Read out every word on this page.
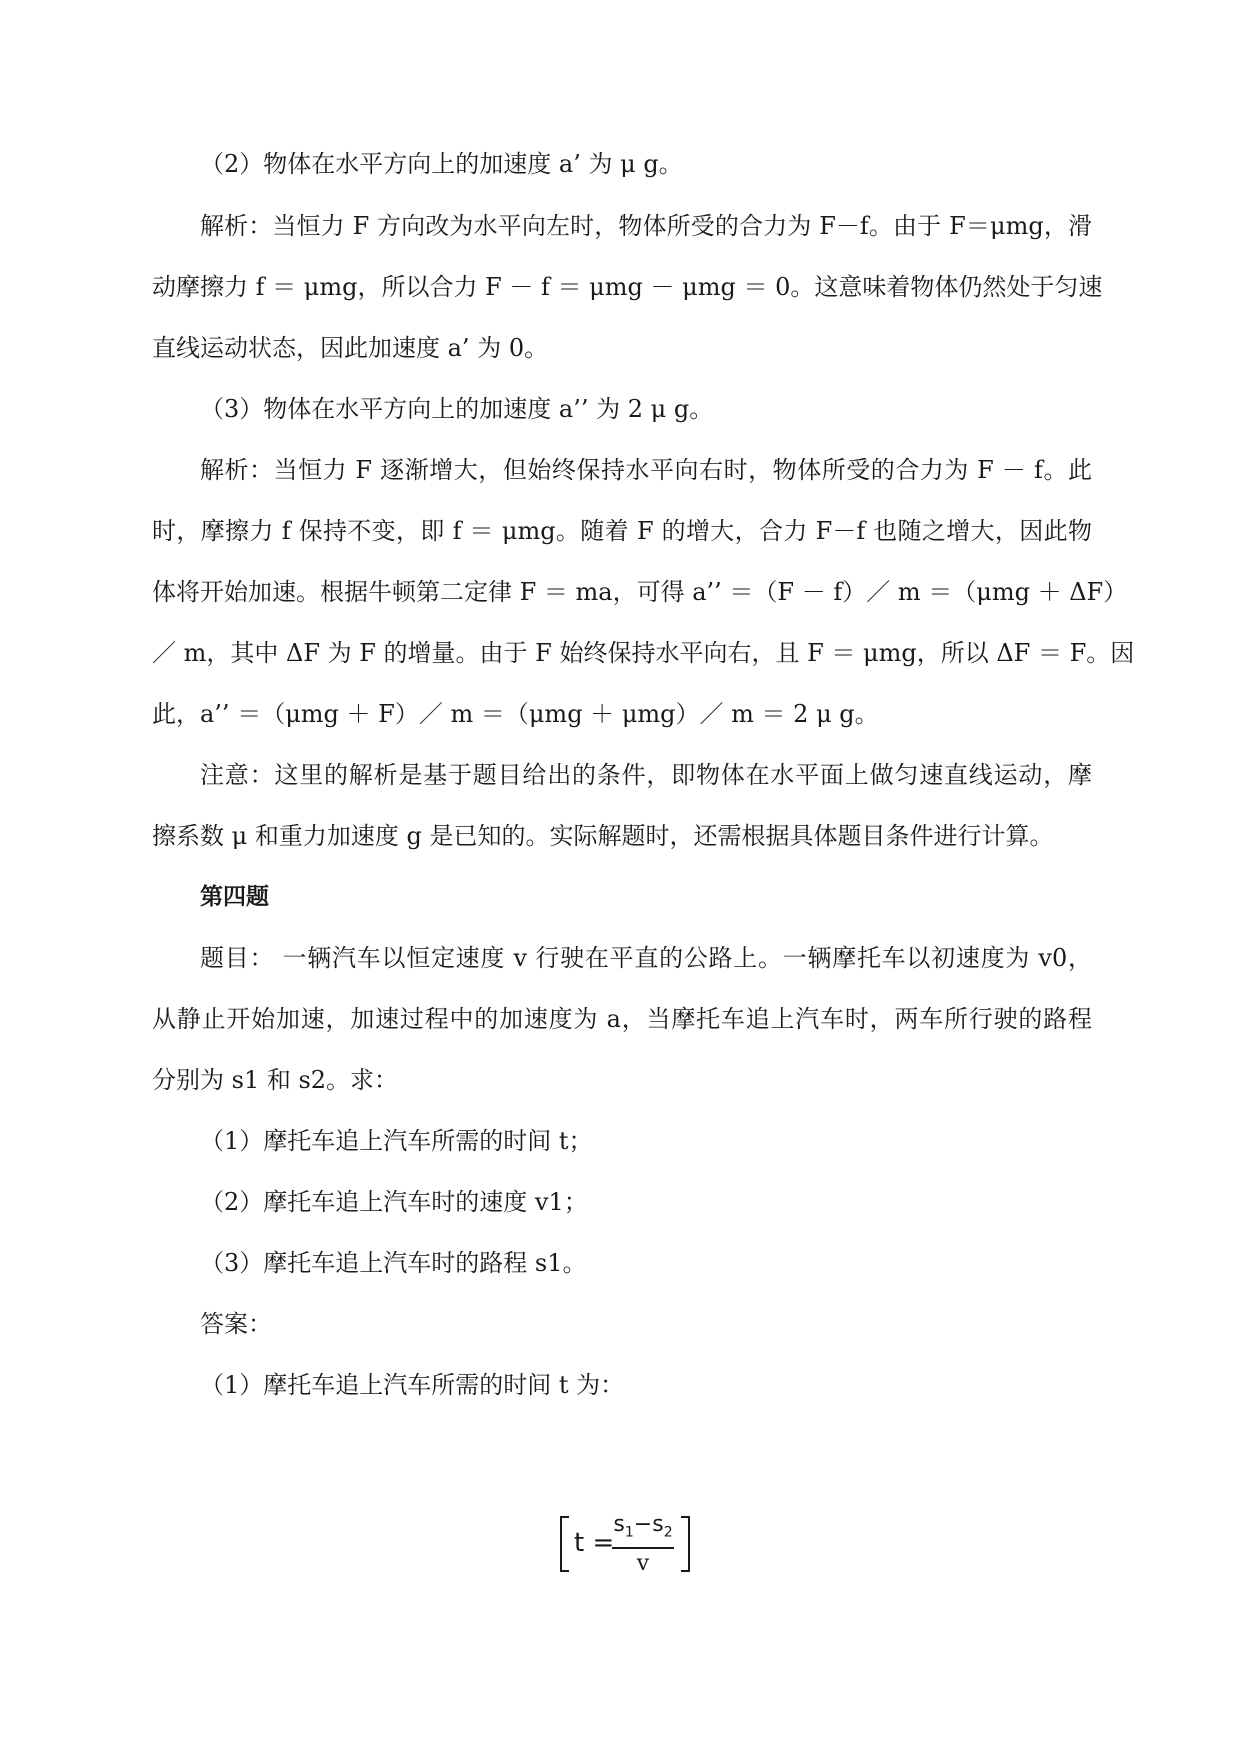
（2）物体在水平方向上的加速度 a’ 为 μ g。
解析：当恒力 F 方向改为水平向左时，物体所受的合力为 F－f。由于 F＝μmg，滑
动摩擦力 f ＝ μmg，所以合力 F － f ＝ μmg － μmg ＝ 0。这意味着物体仍然处于匀速
直线运动状态，因此加速度 a’ 为 0。
（3）物体在水平方向上的加速度 a’’ 为 2 μ g。
解析：当恒力 F 逐渐增大，但始终保持水平向右时，物体所受的合力为 F － f。此
时，摩擦力 f 保持不变，即 f ＝ μmg。随着 F 的增大，合力 F－f 也随之增大，因此物
体将开始加速。根据牛顿第二定律 F ＝ ma，可得 a’’ ＝（F － f）／ m ＝（μmg ＋ ΔF）
／ m，其中 ΔF 为 F 的增量。由于 F 始终保持水平向右，且 F ＝ μmg，所以 ΔF ＝ F。因
此，a’’ ＝（μmg ＋ F）／ m ＝（μmg ＋ μmg）／ m ＝ 2 μ g。
注意：这里的解析是基于题目给出的条件，即物体在水平面上做匀速直线运动，摩
擦系数 μ 和重力加速度 g 是已知的。实际解题时，还需根据具体题目条件进行计算。
第四题
题目： 一辆汽车以恒定速度 v 行驶在平直的公路上。一辆摩托车以初速度为 v0，
从静止开始加速，加速过程中的加速度为 a，当摩托车追上汽车时，两车所行驶的路程
分别为 s1 和 s2。求：
（1）摩托车追上汽车所需的时间 t；
（2）摩托车追上汽车时的速度 v1；
（3）摩托车追上汽车时的路程 s1。
答案：
（1）摩托车追上汽车所需的时间 t 为：
t =
$s_1-s_2$
v
